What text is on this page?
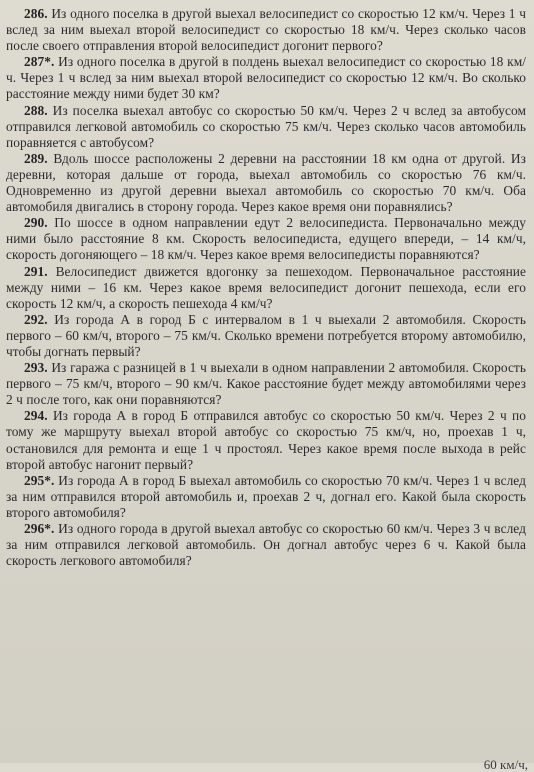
286. Из одного поселка в другой выехал велосипедист со скоростью 12 км/ч. Через 1 ч вслед за ним выехал второй велосипедист со скоростью 18 км/ч. Через сколько часов после своего отправления второй велосипедист догонит первого?

287*. Из одного поселка в другой в полдень выехал велосипедист со скоростью 18 км/ч. Через 1 ч вслед за ним выехал второй велосипедист со скоростью 12 км/ч. Во сколько расстояние между ними будет 30 км?

288. Из поселка выехал автобус со скоростью 50 км/ч. Через 2 ч вслед за автобусом отправился легковой автомобиль со скоростью 75 км/ч. Через сколько часов автомобиль поравняется с автобусом?

289. Вдоль шоссе расположены 2 деревни на расстоянии 18 км одна от другой. Из деревни, которая дальше от города, выехал автомобиль со скоростью 76 км/ч. Одновременно из другой деревни выехал автомобиль со скоростью 70 км/ч. Оба автомобиля двигались в сторону города. Через какое время они поравнялись?

290. По шоссе в одном направлении едут 2 велосипедиста. Первоначально между ними было расстояние 8 км. Скорость велосипедиста, едущего впереди, – 14 км/ч, скорость догоняющего – 18 км/ч. Через какое время велосипедисты поравняются?

291. Велосипедист движется вдогонку за пешеходом. Первоначальное расстояние между ними – 16 км. Через какое время велосипедист догонит пешехода, если его скорость 12 км/ч, а скорость пешехода 4 км/ч?

292. Из города А в город Б с интервалом в 1 ч выехали 2 автомобиля. Скорость первого – 60 км/ч, второго – 75 км/ч. Сколько времени потребуется второму автомобилю, чтобы догнать первый?

293. Из гаража с разницей в 1 ч выехали в одном направлении 2 автомобиля. Скорость первого – 75 км/ч, второго – 90 км/ч. Какое расстояние будет между автомобилями через 2 ч после того, как они поравняются?

294. Из города А в город Б отправился автобус со скоростью 50 км/ч. Через 2 ч по тому же маршруту выехал второй автобус со скоростью 75 км/ч, но, проехав 1 ч, остановился для ремонта и еще 1 ч простоял. Через какое время после выхода в рейс второй автобус нагонит первый?

295*. Из города А в город Б выехал автомобиль со скоростью 70 км/ч. Через 1 ч вслед за ним отправился второй автомобиль и, проехав 2 ч, догнал его. Какой была скорость второго автомобиля?

296*. Из одного города в другой выехал автобус со скоростью 60 км/ч. Через 3 ч вслед за ним отправился легковой автомобиль. Он догнал автобус через 6 ч. Какой была скорость легкового автомобиля?

60 км/ч,
